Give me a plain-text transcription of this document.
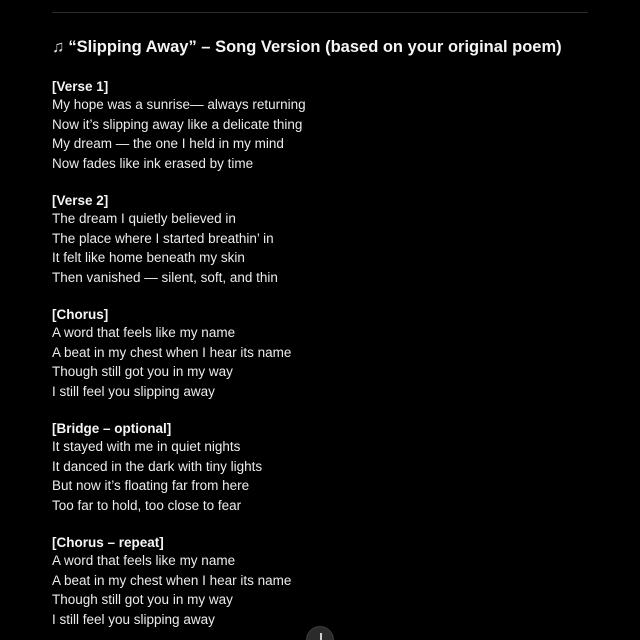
♫ “Slipping Away” – Song Version (based on your original poem)
[Verse 1]
My hope was a sunrise— always returning
Now it’s slipping away like a delicate thing
My dream — the one I held in my mind
Now fades like ink erased by time
[Verse 2]
The dream I quietly believed in
The place where I started breathin’ in
It felt like home beneath my skin
Then vanished — silent, soft, and thin
[Chorus]
A word that feels like my name
A beat in my chest when I hear its name
Though still got you in my way
I still feel you slipping away
[Bridge – optional]
It stayed with me in quiet nights
It danced in the dark with tiny lights
But now it’s floating far from here
Too far to hold, too close to fear
[Chorus – repeat]
A word that feels like my name
A beat in my chest when I hear its name
Though still got you in my way
I still feel you slipping away
